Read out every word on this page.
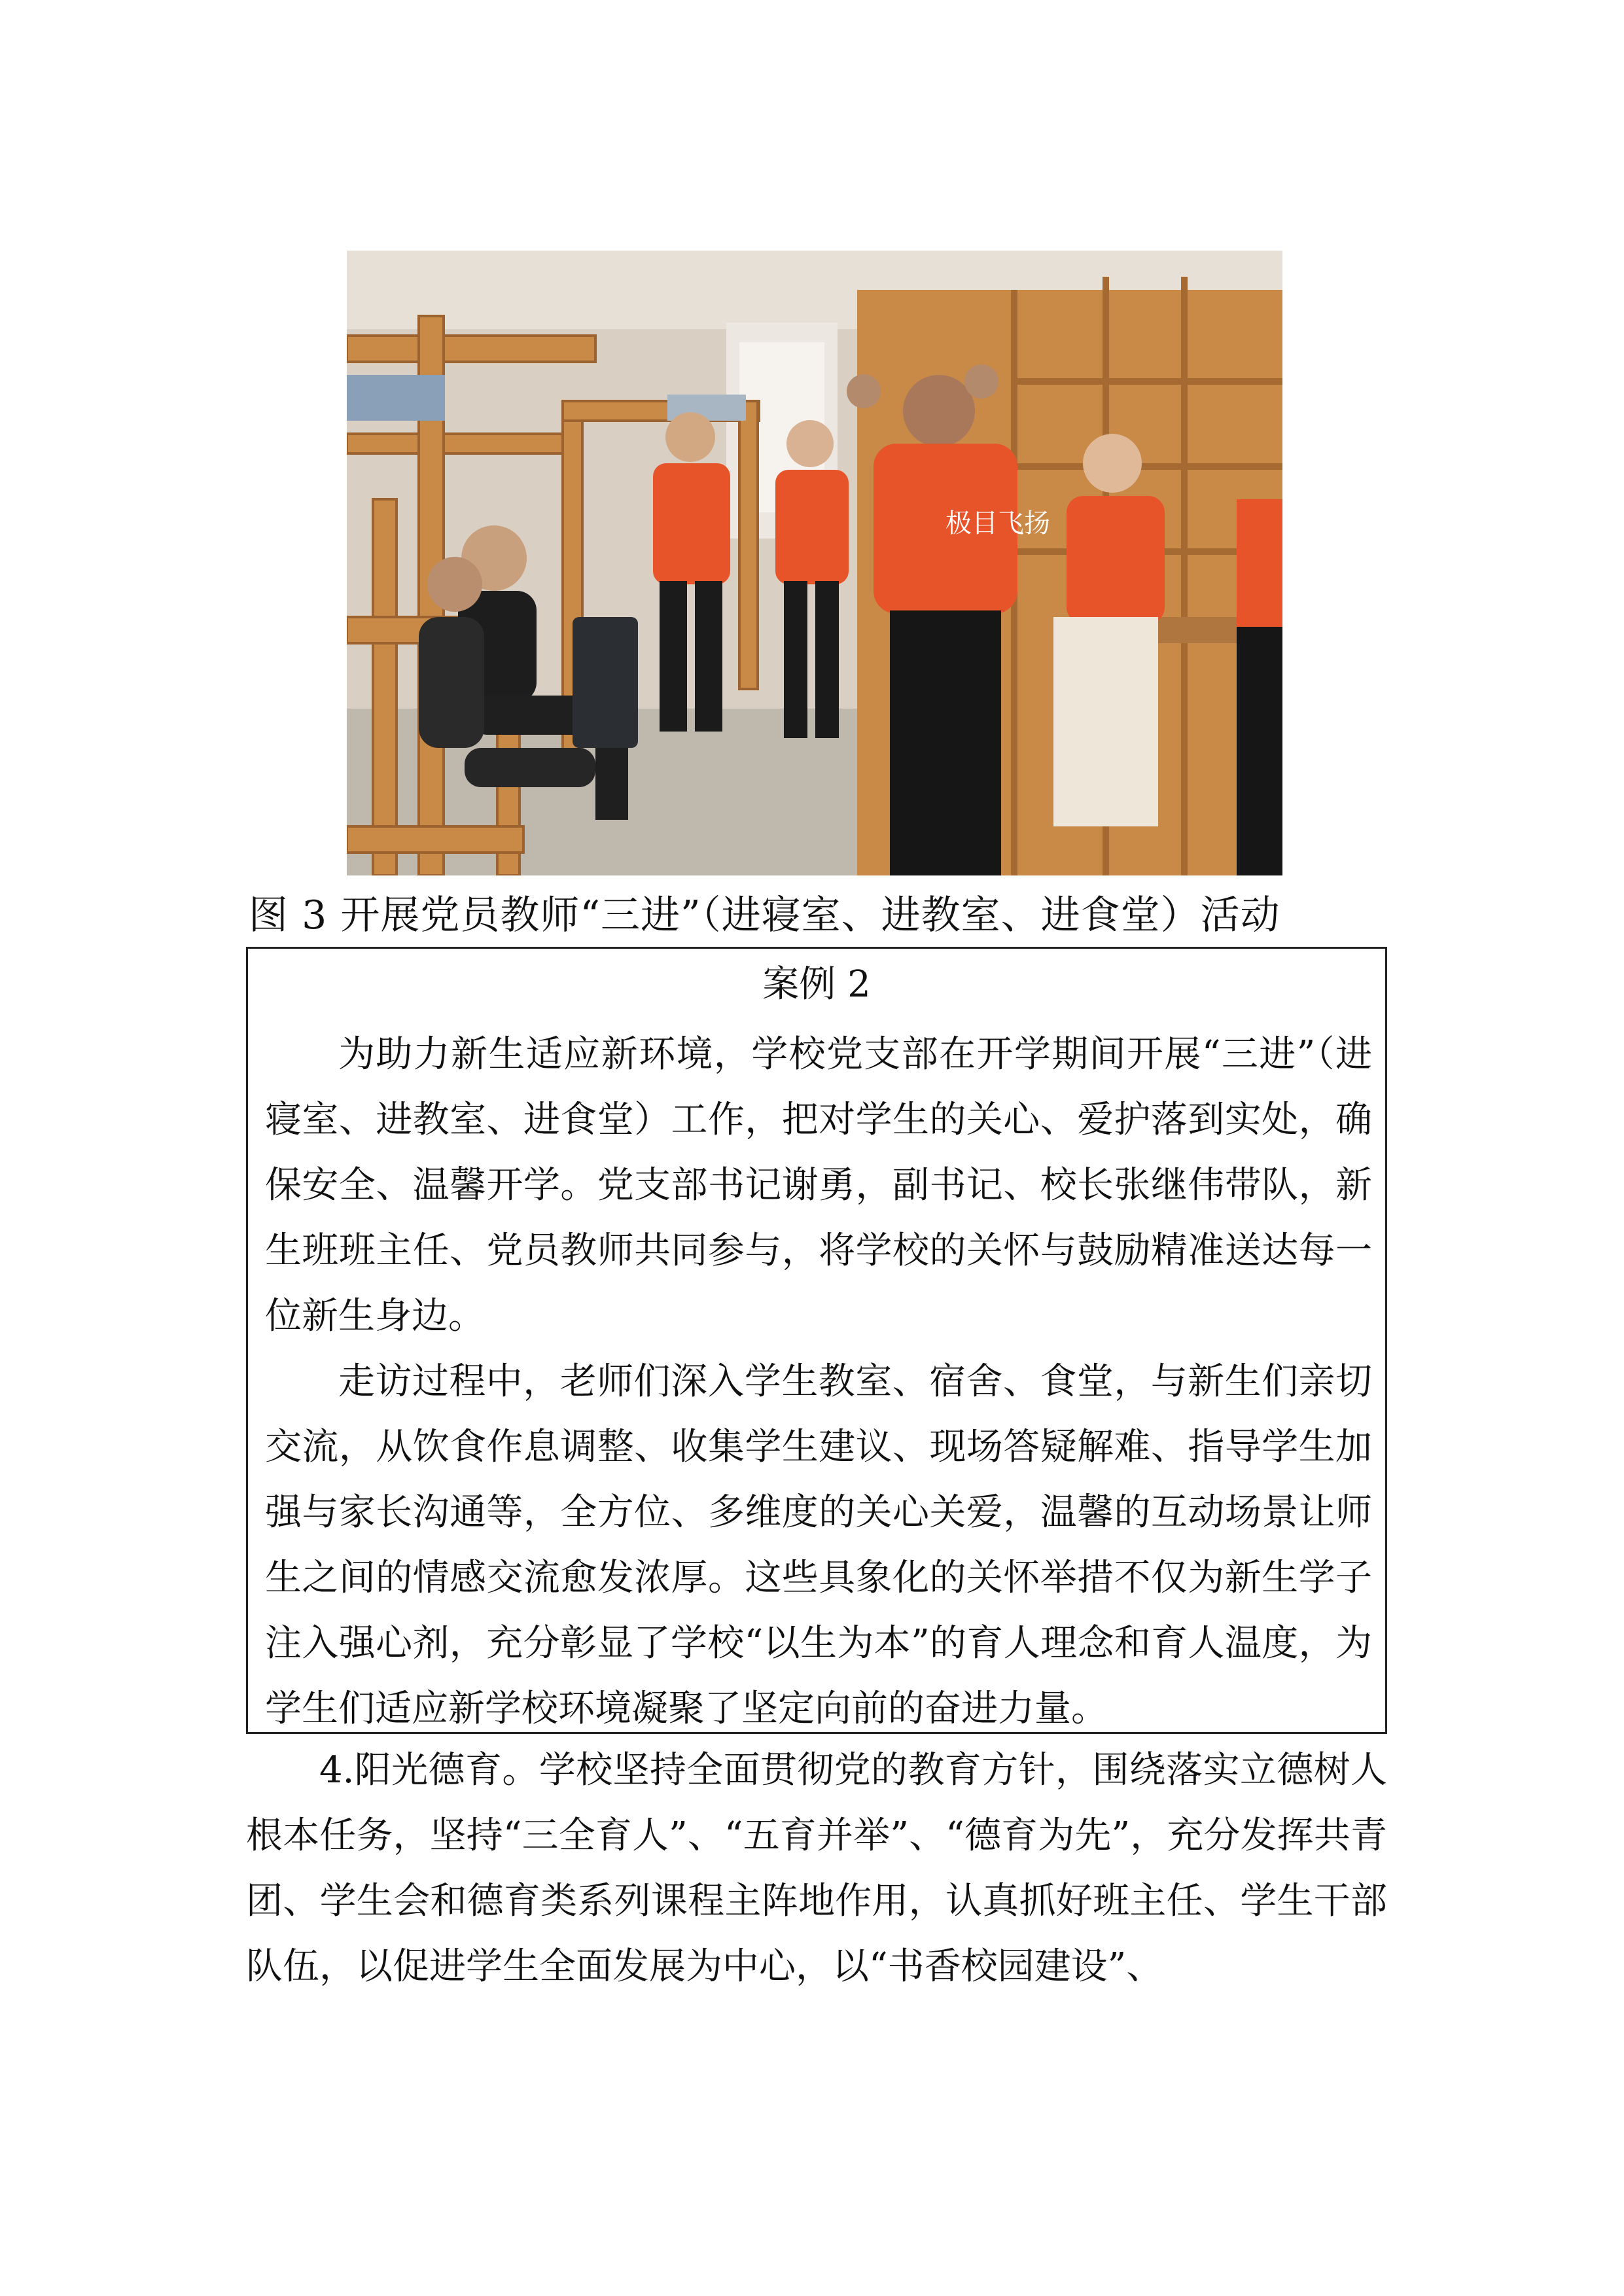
极目飞扬
图 3 开展党员教师“三进”（进寝室、进教室、进食堂）活动
案例 2

为助力新生适应新环境，学校党支部在开学期间开展“三进”（进寝室、进教室、进食堂）工作，把对学生的关心、爱护落到实处，确保安全、温馨开学。党支部书记谢勇，副书记、校长张继伟带队，新生班班主任、党员教师共同参与，将学校的关怀与鼓励精准送达每一位新生身边。

走访过程中，老师们深入学生教室、宿舍、食堂，与新生们亲切交流，从饮食作息调整、收集学生建议、现场答疑解难、指导学生加强与家长沟通等，全方位、多维度的关心关爱，温馨的互动场景让师生之间的情感交流愈发浓厚。这些具象化的关怀举措不仅为新生学子注入强心剂，充分彰显了学校“以生为本”的育人理念和育人温度，为学生们适应新学校环境凝聚了坚定向前的奋进力量。

4.阳光德育。学校坚持全面贯彻党的教育方针，围绕落实立德树人根本任务，坚持“三全育人”、“五育并举”、“德育为先”，充分发挥共青团、学生会和德育类系列课程主阵地作用，认真抓好班主任、学生干部队伍，以促进学生全面发展为中心，以“书香校园建设”、
